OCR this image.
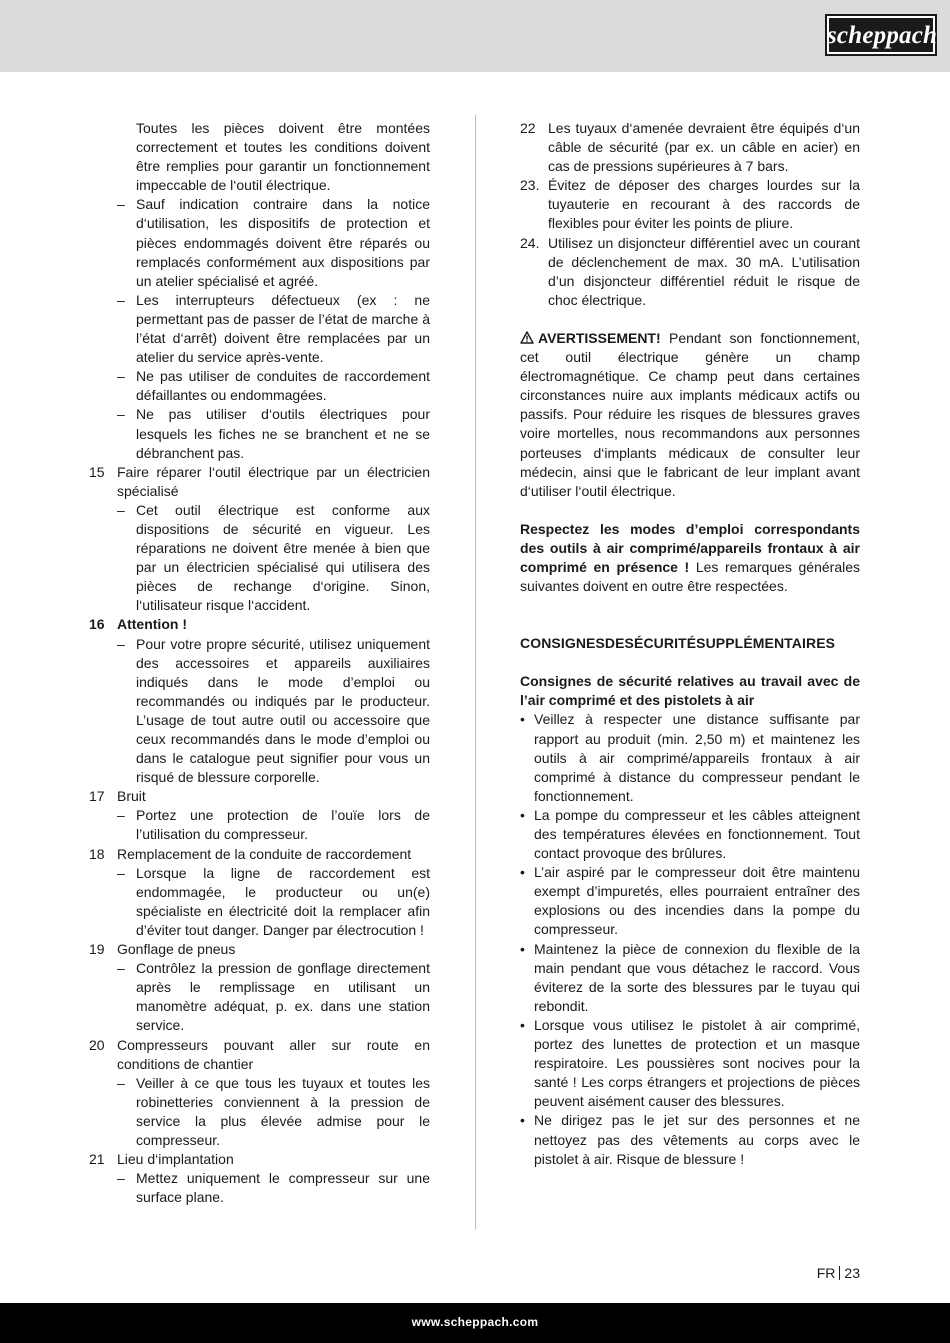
scheppach

Toutes les pièces doivent être montées correctement et toutes les conditions doivent être remplies pour garantir un fonctionnement impeccable de l‘outil électrique.

– Sauf indication contraire dans la notice d‘utilisation, les dispositifs de protection et pièces endommagés doivent être réparés ou remplacés conformément aux dispositions par un atelier spécialisé et agréé.

– Les interrupteurs défectueux (ex : ne permettant pas de passer de l’état de marche à l’état d‘arrêt) doivent être remplacées par un atelier du service après-vente.

– Ne pas utiliser de conduites de raccordement défaillantes ou endommagées.

– Ne pas utiliser d‘outils électriques pour lesquels les fiches ne se branchent et ne se débranchent pas.

15 Faire réparer l‘outil électrique par un électricien spécialisé

– Cet outil électrique est conforme aux dispositions de sécurité en vigueur. Les réparations ne doivent être menée à bien que par un électricien spécialisé qui utilisera des pièces de rechange d‘origine. Sinon, l‘utilisateur risque l‘accident.

16 Attention !

– Pour votre propre sécurité, utilisez uniquement des accessoires et appareils auxiliaires indiqués dans le mode d’emploi ou recommandés ou indiqués par le producteur. L’usage de tout autre outil ou accessoire que ceux recommandés dans le mode d’emploi ou dans le catalogue peut signifier pour vous un risqué de blessure corporelle.

17 Bruit

– Portez une protection de l’ouïe lors de l’utilisation du compresseur.

18 Remplacement de la conduite de raccordement

– Lorsque la ligne de raccordement est endommagée, le producteur ou un(e) spécialiste en électricité doit la remplacer afin d’éviter tout danger. Danger par électrocution !

19 Gonflage de pneus

– Contrôlez la pression de gonflage directement après le remplissage en utilisant un manomètre adéquat, p. ex. dans une station service.

20 Compresseurs pouvant aller sur route en conditions de chantier

– Veiller à ce que tous les tuyaux et toutes les robinetteries conviennent à la pression de service la plus élevée admise pour le compresseur.

21 Lieu d‘implantation

– Mettez uniquement le compresseur sur une surface plane.

22 Les tuyaux d‘amenée devraient être équipés d‘un câble de sécurité (par ex. un câble en acier) en cas de pressions supérieures à 7 bars.

23. Évitez de déposer des charges lourdes sur la tuyauterie en recourant à des raccords de flexibles pour éviter les points de pliure.

24. Utilisez un disjoncteur différentiel avec un courant de déclenchement de max. 30 mA. L’utilisation d’un disjoncteur différentiel réduit le risque de choc électrique.

AVERTISSEMENT! Pendant son fonctionnement, cet outil électrique génère un champ électromagnétique. Ce champ peut dans certaines circonstances nuire aux implants médicaux actifs ou passifs. Pour réduire les risques de blessures graves voire mortelles, nous recommandons aux personnes porteuses d‘implants médicaux de consulter leur médecin, ainsi que le fabricant de leur implant avant d‘utiliser l‘outil électrique.

Respectez les modes d’emploi correspondants des outils à air comprimé/appareils frontaux à air comprimé en présence ! Les remarques générales suivantes doivent en outre être respectées.

CONSIGNESDESÉCURITÉSUPPLÉMENTAIRES

Consignes de sécurité relatives au travail avec de l’air comprimé et des pistolets à air

• Veillez à respecter une distance suffisante par rapport au produit (min. 2,50 m) et maintenez les outils à air comprimé/appareils frontaux à air comprimé à distance du compresseur pendant le fonctionnement.

• La pompe du compresseur et les câbles atteignent des températures élevées en fonctionnement. Tout contact provoque des brûlures.

• L’air aspiré par le compresseur doit être maintenu exempt d’impuretés, elles pourraient entraîner des explosions ou des incendies dans la pompe du compresseur.

• Maintenez la pièce de connexion du flexible de la main pendant que vous détachez le raccord. Vous éviterez de la sorte des blessures par le tuyau qui rebondit.

• Lorsque vous utilisez le pistolet à air comprimé, portez des lunettes de protection et un masque respiratoire. Les poussières sont nocives pour la santé ! Les corps étrangers et projections de pièces peuvent aisément causer des blessures.

• Ne dirigez pas le jet sur des personnes et ne nettoyez pas des vêtements au corps avec le pistolet à air. Risque de blessure !

FR 23
www.scheppach.com
